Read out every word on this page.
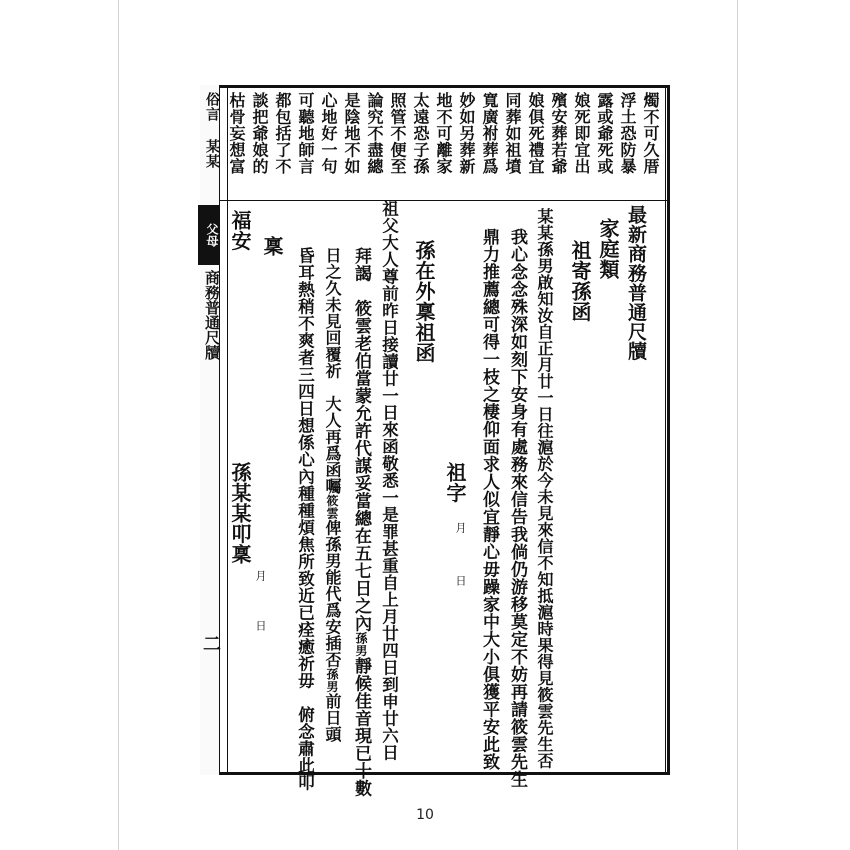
俗言 某某
父母
商務普通尺牘
二
燭不可久厝
浮土恐防暴
露或爺死或
娘死即宜出
殯安葬若爺
娘俱死禮宜
同葬如祖墳
寬廣祔葬爲
妙如另葬新
地不可離家
太遠恐子孫
照管不便至
論究不盡總
是陰地不如
心地好一句
可聽地師言
都包括了不
談把爺娘的
枯骨妄想富
最新商務普通尺牘
家庭類
祖寄孫函
某某孫男啟知汝自正月廿一日往滬於今未見來信不知抵滬時果得見筱雲先生否
我心念念殊深如刻下安身有處務來信告我倘仍游移莫定不妨再請筱雲先生
鼎力推薦總可得一枝之棲仰面求人似宜靜心毋躁家中大小俱獲平安此致
祖字
月
日
孫在外稟祖函
祖父大人尊前昨日接讀廿一日來函敬悉一是罪甚重自上月廿四日到申廿六日
拜謁　筱雲老伯當蒙允許代謀妥當總在五七日之內孫男靜候佳音現已十數
日之久未見回覆祈　大人再爲函囑筱雲俾孫男能代爲安插否孫男前日頭
昏耳熱稍不爽者三四日想係心內種種煩焦所致近已痊癒祈毋　俯念肅此叩
稟
福安
孫某某叩稟
月
日
10
